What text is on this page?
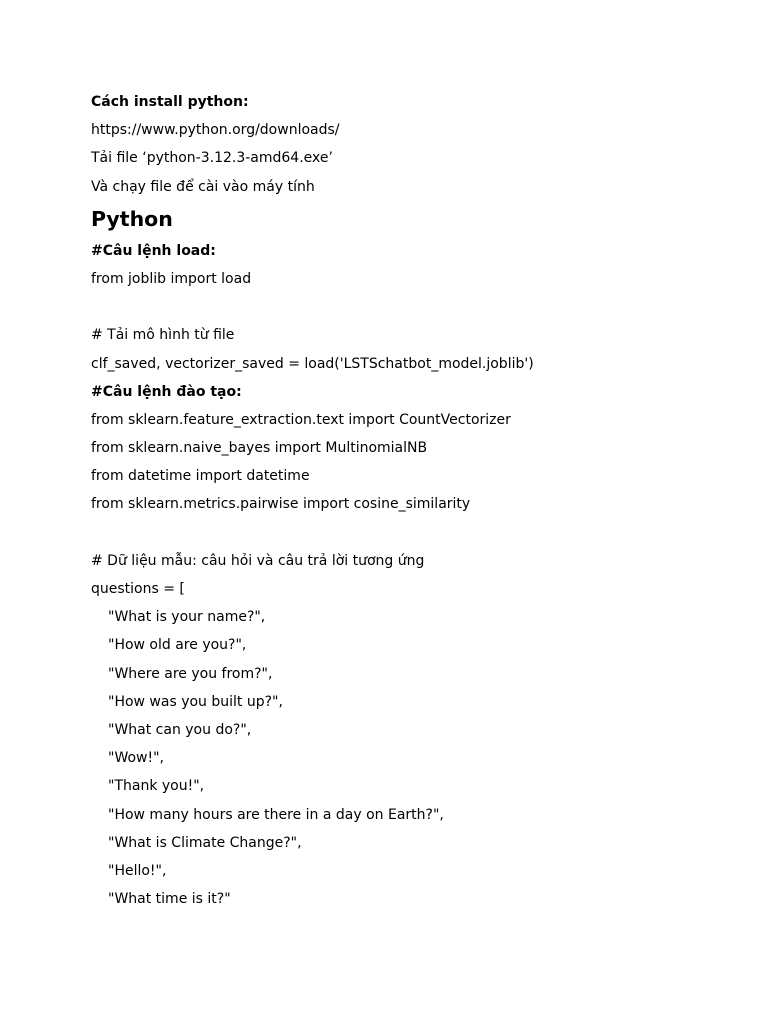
Cách install python:
https://www.python.org/downloads/
Tải file ‘python-3.12.3-amd64.exe’
Và chạy file để cài vào máy tính
Python
#Câu lệnh load:
from joblib import load
# Tải mô hình từ file
clf_saved, vectorizer_saved = load('LSTSchatbot_model.joblib')
#Câu lệnh đào tạo:
from sklearn.feature_extraction.text import CountVectorizer
from sklearn.naive_bayes import MultinomialNB
from datetime import datetime
from sklearn.metrics.pairwise import cosine_similarity
# Dữ liệu mẫu: câu hỏi và câu trả lời tương ứng
questions = [
"What is your name?",
"How old are you?",
"Where are you from?",
"How was you built up?",
"What can you do?",
"Wow!",
"Thank you!",
"How many hours are there in a day on Earth?",
"What is Climate Change?",
"Hello!",
"What time is it?"
